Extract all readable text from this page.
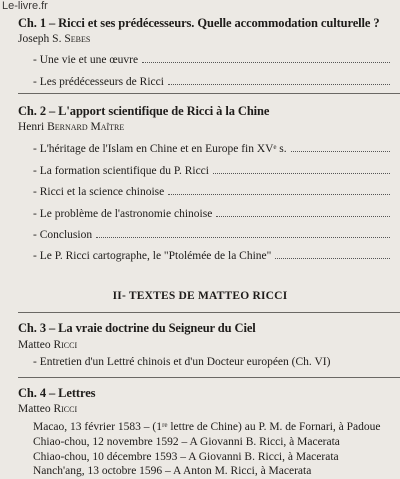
Le-livre.fr
Ch. 1 – Ricci et ses prédécesseurs. Quelle accommodation culturelle ?
Joseph S. Sebes
- Une vie et une œuvre
- Les prédécesseurs de Ricci
Ch. 2 – L'apport scientifique de Ricci à la Chine
Henri Bernard Maître
- L'héritage de l'Islam en Chine et en Europe fin XVᵉ s.
- La formation scientifique du P. Ricci
- Ricci et la science chinoise
- Le problème de l'astronomie chinoise
- Conclusion
- Le P. Ricci cartographe, le "Ptolémée de la Chine"
II- TEXTES DE MATTEO RICCI
Ch. 3 – La vraie doctrine du Seigneur du Ciel
Matteo Ricci
- Entretien d'un Lettré chinois et d'un Docteur européen (Ch. VI)
Ch. 4 – Lettres
Matteo Ricci
Macao, 13 février 1583 – (1ʳᵉ lettre de Chine) au P. M. de Fornari, à Padoue
Chiao-chou, 12 novembre 1592 – A Giovanni B. Ricci, à Macerata
Chiao-chou, 10 décembre 1593 – A Giovanni B. Ricci, à Macerata
Nanch'ang, 13 octobre 1596 – A Anton M. Ricci, à Macerata
